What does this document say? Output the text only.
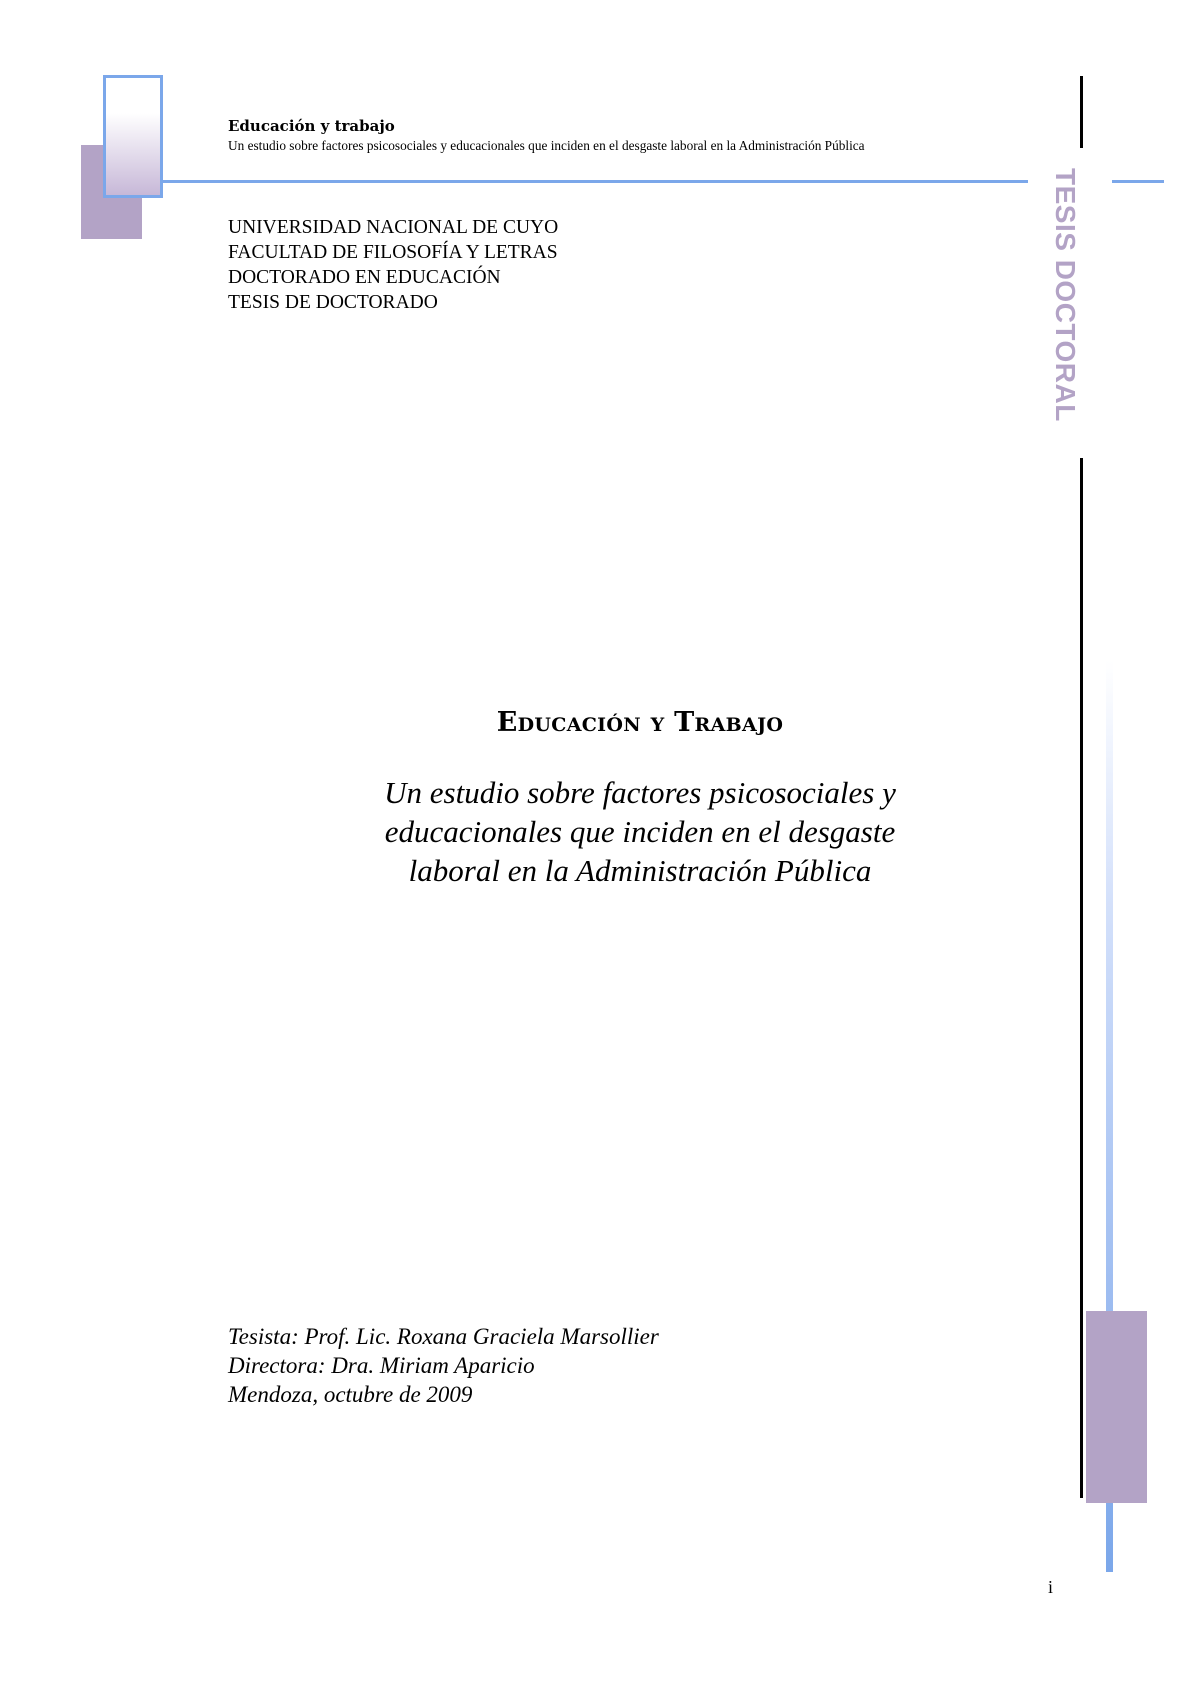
Educación y trabajo
Un estudio sobre factores psicosociales y educacionales que inciden en el desgaste laboral en la Administración Pública
UNIVERSIDAD NACIONAL DE CUYO
FACULTAD DE FILOSOFÍA Y LETRAS
DOCTORADO EN EDUCACIÓN
TESIS DE DOCTORADO	TESIS DOCTORAL
Educación y Trabajo
Un estudio sobre factores psicosociales y
educacionales que inciden en el desgaste
laboral en la Administración Pública
Tesista: Prof. Lic. Roxana Graciela Marsollier
Directora: Dra. Miriam Aparicio
Mendoza, octubre de 2009
i
